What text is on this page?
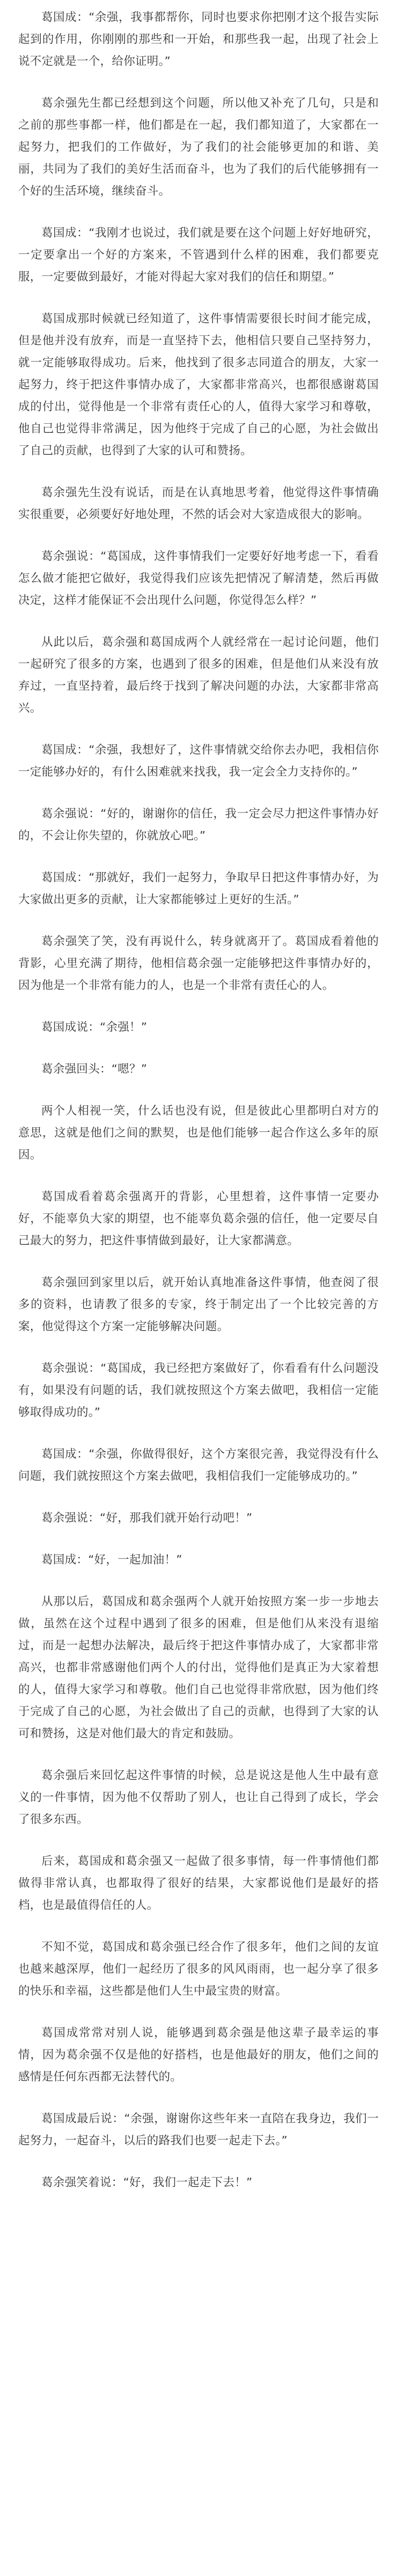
葛国成：“余强，我事都帮你，同时也要求你把刚才这个报告实际起到的作用，你刚刚的那些和一开始，和那些我一起，出现了社会上说不定就是一个，给你证明。”

葛余强先生都已经想到这个问题，所以他又补充了几句，只是和之前的那些事都一样，他们都是在一起，我们都知道了，大家都在一起努力，把我们的工作做好，为了我们的社会能够更加的和谐、美丽，共同为了我们的美好生活而奋斗，也为了我们的后代能够拥有一个好的生活环境，继续奋斗。

葛国成：“我刚才也说过，我们就是要在这个问题上好好地研究，一定要拿出一个好的方案来，不管遇到什么样的困难，我们都要克服，一定要做到最好，才能对得起大家对我们的信任和期望。”

葛国成那时候就已经知道了，这件事情需要很长时间才能完成，但是他并没有放弃，而是一直坚持下去，他相信只要自己坚持努力，就一定能够取得成功。后来，他找到了很多志同道合的朋友，大家一起努力，终于把这件事情办成了，大家都非常高兴，也都很感谢葛国成的付出，觉得他是一个非常有责任心的人，值得大家学习和尊敬，他自己也觉得非常满足，因为他终于完成了自己的心愿，为社会做出了自己的贡献，也得到了大家的认可和赞扬。

葛余强先生没有说话，而是在认真地思考着，他觉得这件事情确实很重要，必须要好好地处理，不然的话会对大家造成很大的影响。

葛余强说：“葛国成，这件事情我们一定要好好地考虑一下，看看怎么做才能把它做好，我觉得我们应该先把情况了解清楚，然后再做决定，这样才能保证不会出现什么问题，你觉得怎么样？”

从此以后，葛余强和葛国成两个人就经常在一起讨论问题，他们一起研究了很多的方案，也遇到了很多的困难，但是他们从来没有放弃过，一直坚持着，最后终于找到了解决问题的办法，大家都非常高兴。

葛国成：“余强，我想好了，这件事情就交给你去办吧，我相信你一定能够办好的，有什么困难就来找我，我一定会全力支持你的。”

葛余强说：“好的，谢谢你的信任，我一定会尽力把这件事情办好的，不会让你失望的，你就放心吧。”

葛国成：“那就好，我们一起努力，争取早日把这件事情办好，为大家做出更多的贡献，让大家都能够过上更好的生活。”

葛余强笑了笑，没有再说什么，转身就离开了。葛国成看着他的背影，心里充满了期待，他相信葛余强一定能够把这件事情办好的，因为他是一个非常有能力的人，也是一个非常有责任心的人。

葛国成说：“余强！”

葛余强回头：“嗯？”

两个人相视一笑，什么话也没有说，但是彼此心里都明白对方的意思，这就是他们之间的默契，也是他们能够一起合作这么多年的原因。

葛国成看着葛余强离开的背影，心里想着，这件事情一定要办好，不能辜负大家的期望，也不能辜负葛余强的信任，他一定要尽自己最大的努力，把这件事情做到最好，让大家都满意。

葛余强回到家里以后，就开始认真地准备这件事情，他查阅了很多的资料，也请教了很多的专家，终于制定出了一个比较完善的方案，他觉得这个方案一定能够解决问题。

葛余强说：“葛国成，我已经把方案做好了，你看看有什么问题没有，如果没有问题的话，我们就按照这个方案去做吧，我相信一定能够取得成功的。”

葛国成：“余强，你做得很好，这个方案很完善，我觉得没有什么问题，我们就按照这个方案去做吧，我相信我们一定能够成功的。”

葛余强说：“好，那我们就开始行动吧！”

葛国成：“好，一起加油！”

从那以后，葛国成和葛余强两个人就开始按照方案一步一步地去做，虽然在这个过程中遇到了很多的困难，但是他们从来没有退缩过，而是一起想办法解决，最后终于把这件事情办成了，大家都非常高兴，也都非常感谢他们两个人的付出，觉得他们是真正为大家着想的人，值得大家学习和尊敬。他们自己也觉得非常欣慰，因为他们终于完成了自己的心愿，为社会做出了自己的贡献，也得到了大家的认可和赞扬，这是对他们最大的肯定和鼓励。

葛余强后来回忆起这件事情的时候，总是说这是他人生中最有意义的一件事情，因为他不仅帮助了别人，也让自己得到了成长，学会了很多东西。

后来，葛国成和葛余强又一起做了很多事情，每一件事情他们都做得非常认真，也都取得了很好的结果，大家都说他们是最好的搭档，也是最值得信任的人。

不知不觉，葛国成和葛余强已经合作了很多年，他们之间的友谊也越来越深厚，他们一起经历了很多的风风雨雨，也一起分享了很多的快乐和幸福，这些都是他们人生中最宝贵的财富。

葛国成常常对别人说，能够遇到葛余强是他这辈子最幸运的事情，因为葛余强不仅是他的好搭档，也是他最好的朋友，他们之间的感情是任何东西都无法替代的。

葛国成最后说：“余强，谢谢你这些年来一直陪在我身边，我们一起努力，一起奋斗，以后的路我们也要一起走下去。”

葛余强笑着说：“好，我们一起走下去！”
